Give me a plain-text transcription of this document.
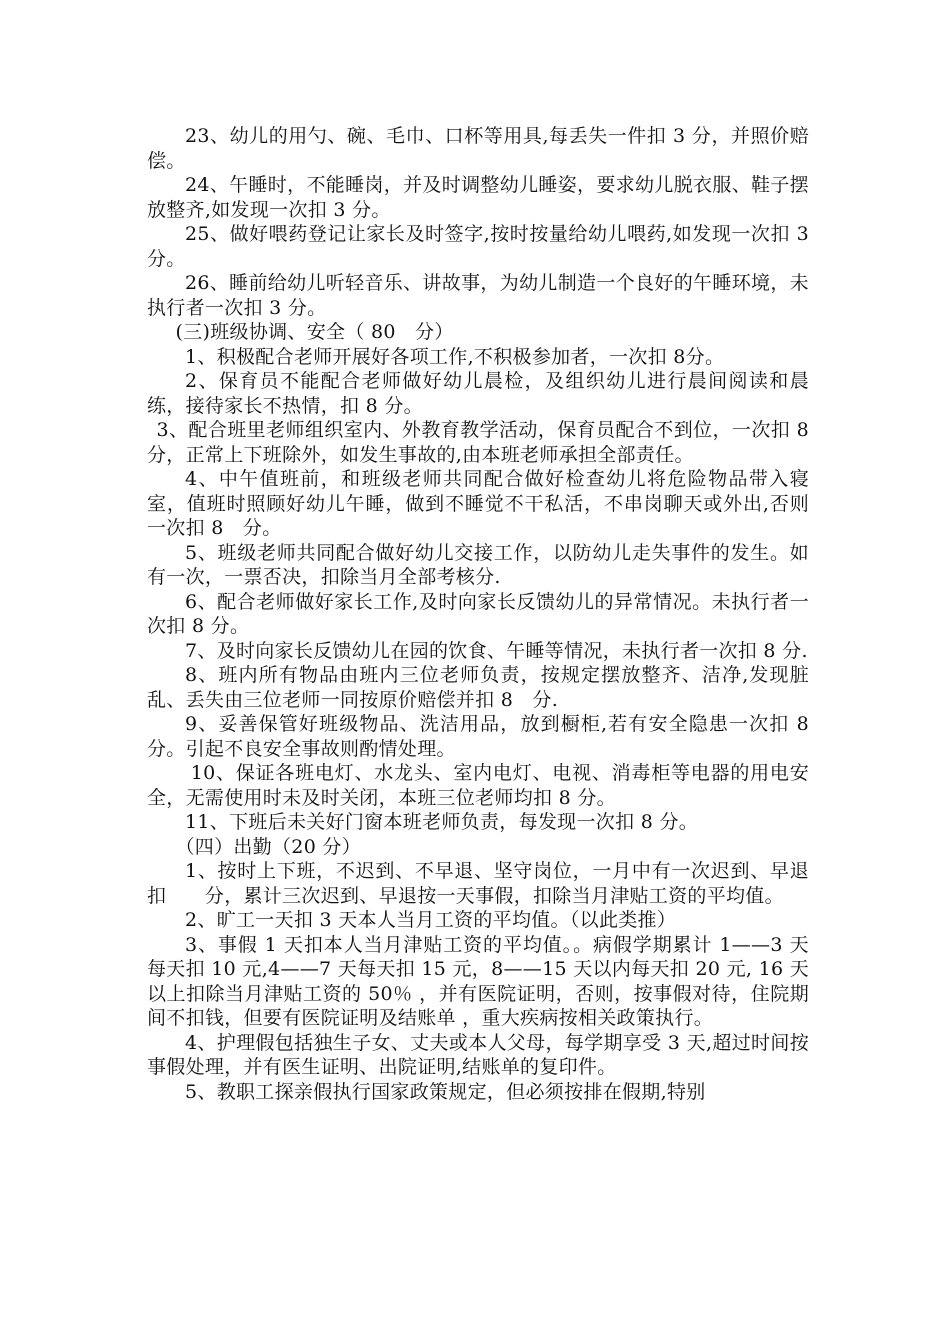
23、幼儿的用勺、碗、毛巾、口杯等用具,每丢失一件扣 3 分，并照价赔偿。

24、午睡时，不能睡岗，并及时调整幼儿睡姿，要求幼儿脱衣服、鞋子摆放整齐,如发现一次扣 3 分。

25、做好喂药登记让家长及时签字,按时按量给幼儿喂药,如发现一次扣 3 分。

26、睡前给幼儿听轻音乐、讲故事，为幼儿制造一个良好的午睡环境，未执行者一次扣 3 分。

(三)班级协调、安全（ 80　分）

1、积极配合老师开展好各项工作,不积极参加者，一次扣 8分。

2、保育员不能配合老师做好幼儿晨检，及组织幼儿进行晨间阅读和晨练，接待家长不热情，扣 8 分。

3、配合班里老师组织室内、外教育教学活动，保育员配合不到位，一次扣 8 分，正常上下班除外，如发生事故的,由本班老师承担全部责任。

4、中午值班前，和班级老师共同配合做好检查幼儿将危险物品带入寝室，值班时照顾好幼儿午睡，做到不睡觉不干私活，不串岗聊天或外出,否则一次扣 8　分。

5、班级老师共同配合做好幼儿交接工作，以防幼儿走失事件的发生。如有一次，一票否决，扣除当月全部考核分.

6、配合老师做好家长工作,及时向家长反馈幼儿的异常情况。未执行者一次扣 8 分。

7、及时向家长反馈幼儿在园的饮食、午睡等情况，未执行者一次扣 8 分.

8、班内所有物品由班内三位老师负责，按规定摆放整齐、洁净,发现脏乱、丢失由三位老师一同按原价赔偿并扣 8　分.

9、妥善保管好班级物品、洗洁用品，放到橱柜,若有安全隐患一次扣 8 分。引起不良安全事故则酌情处理。

10、保证各班电灯、水龙头、室内电灯、电视、消毒柜等电器的用电安全，无需使用时未及时关闭，本班三位老师均扣 8 分。

11、下班后未关好门窗本班老师负责，每发现一次扣 8 分。

（四）出勤（20 分）

1、按时上下班，不迟到、不早退、坚守岗位，一月中有一次迟到、早退扣　　分，累计三次迟到、早退按一天事假，扣除当月津贴工资的平均值。

2、旷工一天扣 3 天本人当月工资的平均值。（以此类推）

3、事假 1 天扣本人当月津贴工资的平均值。。病假学期累计 1——3 天每天扣 10 元,4——7 天每天扣 15 元，8——15 天以内每天扣 20 元, 16 天以上扣除当月津贴工资的 50％ ，并有医院证明，否则，按事假对待，住院期间不扣钱，但要有医院证明及结账单 ，重大疾病按相关政策执行。

4、护理假包括独生子女、丈夫或本人父母，每学期享受 3 天,超过时间按事假处理，并有医生证明、出院证明,结账单的复印件。

5、教职工探亲假执行国家政策规定，但必须按排在假期,特别
